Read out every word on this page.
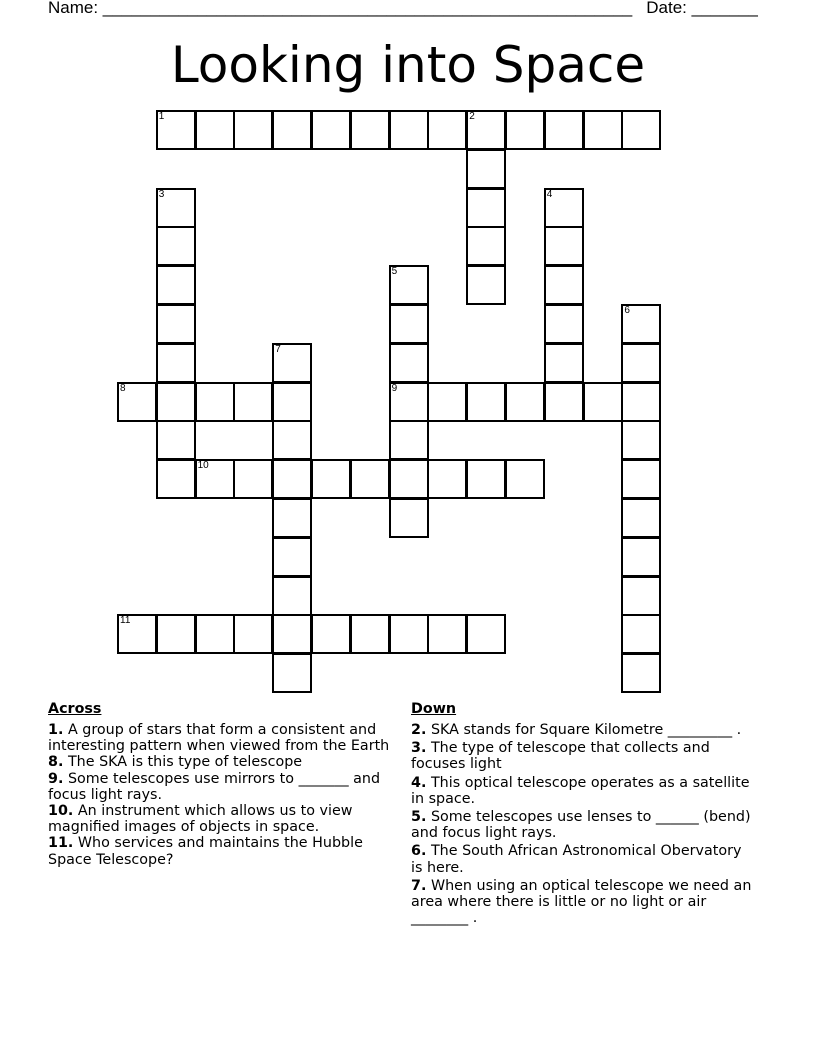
Name: ________________________________________________________ Date: _______
Looking into Space
1	2
3	4
5
9
6
7
8
10
11
Across
1. A group of stars that form a consistent and interesting pattern when viewed from the Earth
8. The SKA is this type of telescope
9. Some telescopes use mirrors to _______ and focus light rays.
10. An instrument which allows us to view magnified images of objects in space.
11. Who services and maintains the Hubble Space Telescope?
Down
2. SKA stands for Square Kilometre _________ .
3. The type of telescope that collects and focuses light
4. This optical telescope operates as a satellite in space.
5. Some telescopes use lenses to ______ (bend) and focus light rays.
6. The South African Astronomical Obervatory is here.
7. When using an optical telescope we need an area where there is little or no light or air ________ .
